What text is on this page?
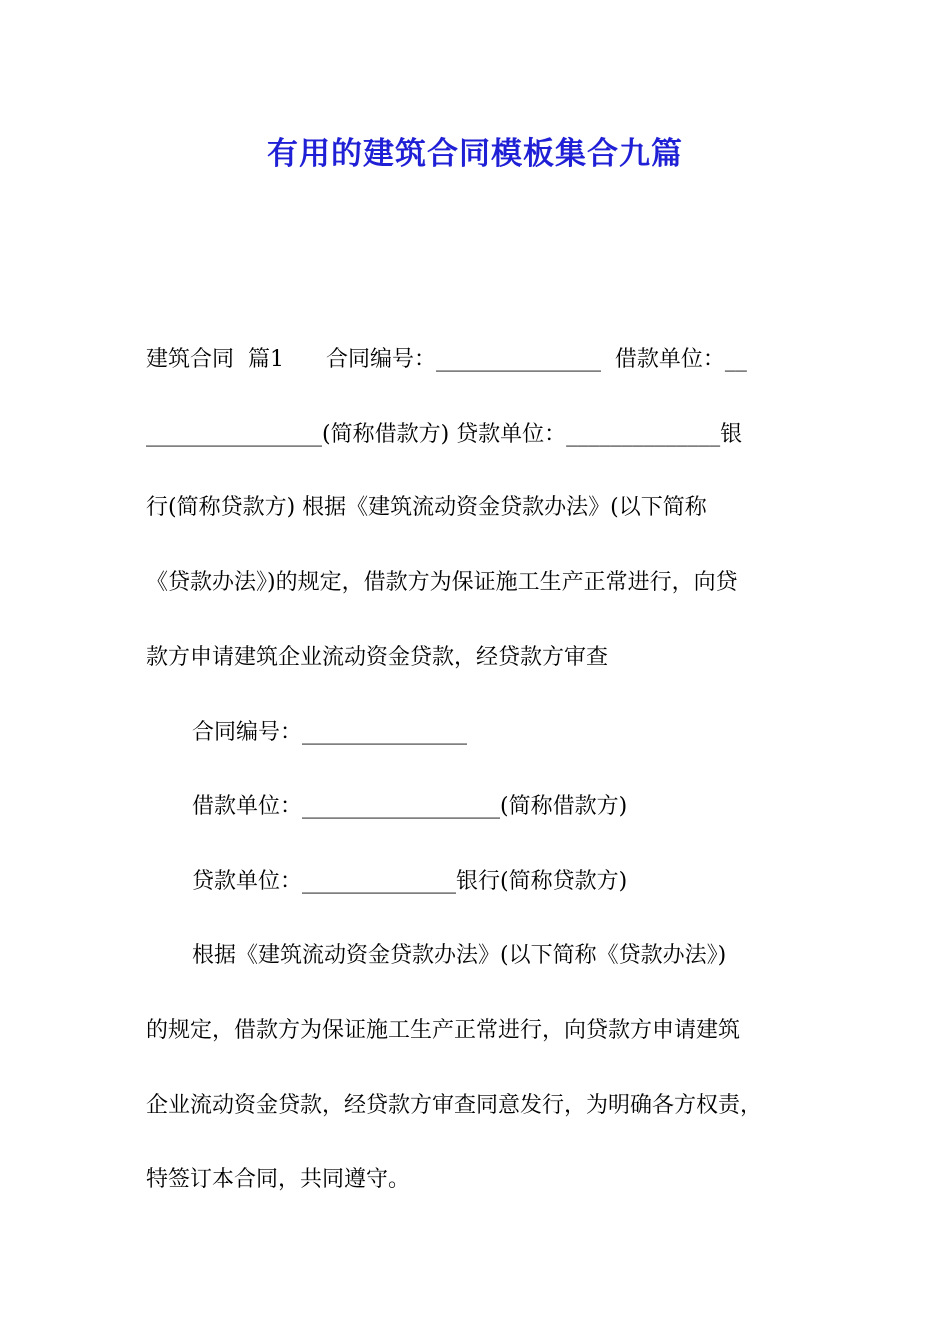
有用的建筑合同模板集合九篇
建筑合同  篇1      合同编号：_______________  借款单位：__
________________(简称借款方) 贷款单位：______________银
行(简称贷款方) 根据《建筑流动资金贷款办法》(以下简称
《贷款办法》)的规定，借款方为保证施工生产正常进行，向贷
款方申请建筑企业流动资金贷款，经贷款方审查
合同编号：_______________
借款单位：__________________(简称借款方)
贷款单位：______________银行(简称贷款方)
根据《建筑流动资金贷款办法》(以下简称《贷款办法》)
的规定，借款方为保证施工生产正常进行，向贷款方申请建筑
企业流动资金贷款，经贷款方审查同意发行，为明确各方权责，
特签订本合同，共同遵守。
